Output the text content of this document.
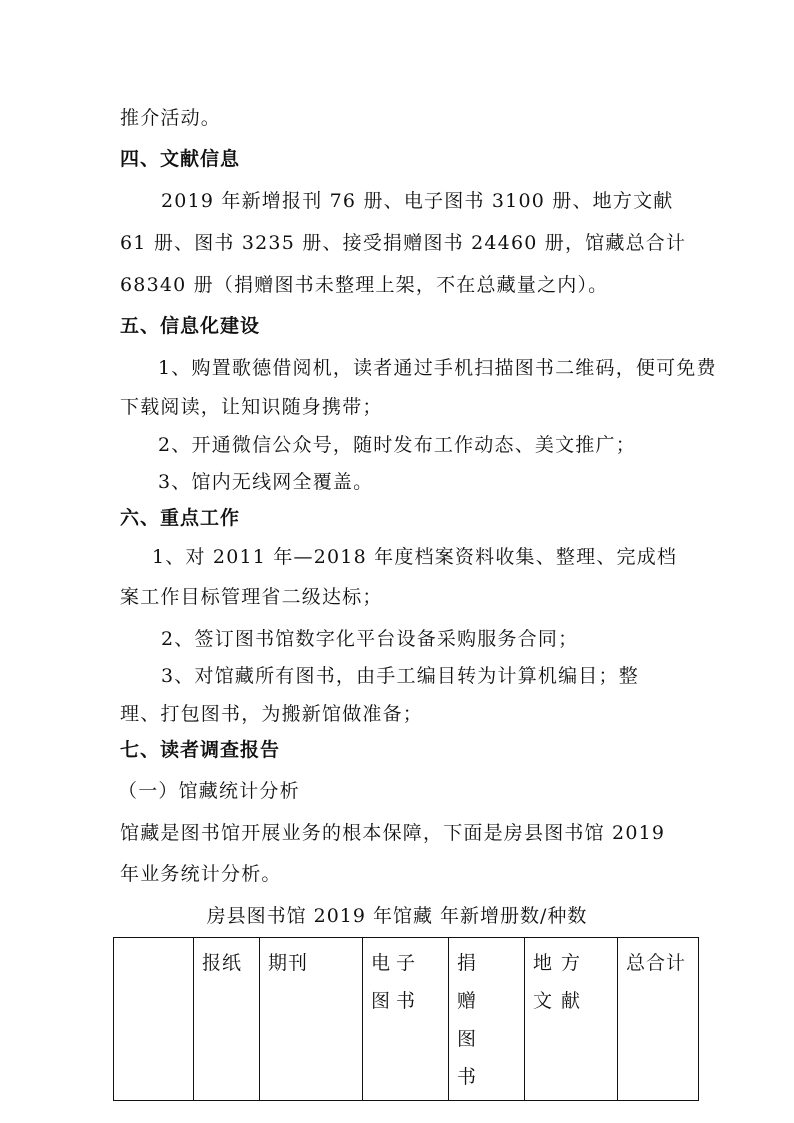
推介活动。
四、文献信息
2019 年新增报刊 76 册、电子图书 3100 册、地方文献
61 册、图书 3235 册、接受捐赠图书 24460 册，馆藏总合计
68340 册（捐赠图书未整理上架，不在总藏量之内）。
五、信息化建设
1、购置歌德借阅机，读者通过手机扫描图书二维码，便可免费
下载阅读，让知识随身携带；
2、开通微信公众号，随时发布工作动态、美文推广；
3、馆内无线网全覆盖。
六、重点工作
1、对 2011 年—2018 年度档案资料收集、整理、完成档
案工作目标管理省二级达标；
2、签订图书馆数字化平台设备采购服务合同；
3、对馆藏所有图书，由手工编目转为计算机编目；整
理、打包图书，为搬新馆做准备；
七、读者调查报告
（一）馆藏统计分析
馆藏是图书馆开展业务的根本保障，下面是房县图书馆 2019
年业务统计分析。
房县图书馆 2019 年馆藏 年新增册数/种数
	报纸	期刊	电子图书	捐赠图书	地方文献	总合计
